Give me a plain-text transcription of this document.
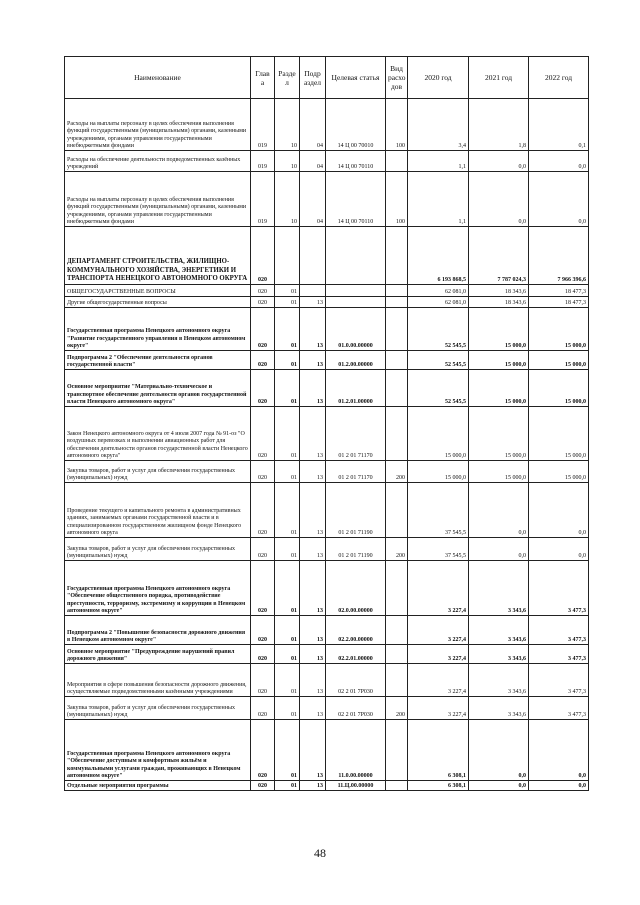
Наименование	Глав а	Разде л	Подр аздел	Целевая статья	Вид расхо дов	2020 год	2021 год	2022 год
Расходы на выплаты персоналу в целях обеспечения выполнения функций государственными (муниципальными) органами, казенными учреждениями, органами управления государственными внебюджетными фондами	019	10	04	14 Ц 00 70010	100	3,4	1,8	0,1
Расходы на обеспечение деятельности подведомственных казённых учреждений	019	10	04	14 Ц 00 70110		1,1	0,0	0,0
Расходы на выплаты персоналу в целях обеспечения выполнения функций государственными (муниципальными) органами, казенными учреждениями, органами управления государственными внебюджетными фондами	019	10	04	14 Ц 00 70110	100	1,1	0,0	0,0
ДЕПАРТАМЕНТ СТРОИТЕЛЬСТВА, ЖИЛИЩНО-КОММУНАЛЬНОГО ХОЗЯЙСТВА, ЭНЕРГЕТИКИ И ТРАНСПОРТА НЕНЕЦКОГО АВТОНОМНОГО ОКРУГА	020					6 193 868,5	7 787 024,3	7 966 396,6
ОБЩЕГОСУДАРСТВЕННЫЕ ВОПРОСЫ	020	01				62 081,0	18 343,6	18 477,3
Другие общегосударственные вопросы	020	01	13			62 081,0	18 343,6	18 477,3
Государственная программа Ненецкого автономного округа "Развитие государственного управления в Ненецком автономном округе"	020	01	13	01.0.00.00000		52 545,5	15 000,0	15 000,0
Подпрограмма 2 "Обеспечение деятельности органов государственной власти"	020	01	13	01.2.00.00000		52 545,5	15 000,0	15 000,0
Основное мероприятие "Материально-техническое и транспортное обеспечение деятельности органов государственной власти Ненецкого автономного округа"	020	01	13	01.2.01.00000		52 545,5	15 000,0	15 000,0
Закон Ненецкого автономного округа от 4 июля 2007 года № 91-оз "О воздушных перевозках и выполнении авиационных работ для обеспечения деятельности органов государственной власти Ненецкого автономного округа"	020	01	13	01 2 01 71170		15 000,0	15 000,0	15 000,0
Закупка товаров, работ и услуг для обеспечения государственных (муниципальных) нужд	020	01	13	01 2 01 71170	200	15 000,0	15 000,0	15 000,0
Проведение текущего и капитального ремонта в административных зданиях, занимаемых органами государственной власти и в специализированном государственном жилищном фонде Ненецкого автономного округа	020	01	13	01 2 01 71190		37 545,5	0,0	0,0
Закупка товаров, работ и услуг для обеспечения государственных (муниципальных) нужд	020	01	13	01 2 01 71190	200	37 545,5	0,0	0,0
Государственная программа Ненецкого автономного округа "Обеспечение общественного порядка, противодействие преступности, терроризму, экстремизму и коррупции в Ненецком автономном округе"	020	01	13	02.0.00.00000		3 227,4	3 343,6	3 477,3
Подпрограмма 2 "Повышение безопасности дорожного движения в Ненецком автономном округе"	020	01	13	02.2.00.00000		3 227,4	3 343,6	3 477,3
Основное мероприятие "Предупреждение нарушений правил дорожного движения"	020	01	13	02.2.01.00000		3 227,4	3 343,6	3 477,3
Мероприятия в сфере повышения безопасности дорожного движения, осуществляемые подведомственными казёнными учреждениями	020	01	13	02 2 01 7Р030		3 227,4	3 343,6	3 477,3
Закупка товаров, работ и услуг для обеспечения государственных (муниципальных) нужд	020	01	13	02 2 01 7Р030	200	3 227,4	3 343,6	3 477,3
Государственная программа Ненецкого автономного округа "Обеспечение доступным и комфортным жильём и коммунальными услугами граждан, проживающих в Ненецком автономном округе"	020	01	13	11.0.00.00000		6 308,1	0,0	0,0
Отдельные мероприятия программы	020	01	13	11.Ц.00.00000		6 308,1	0,0	0,0
48
